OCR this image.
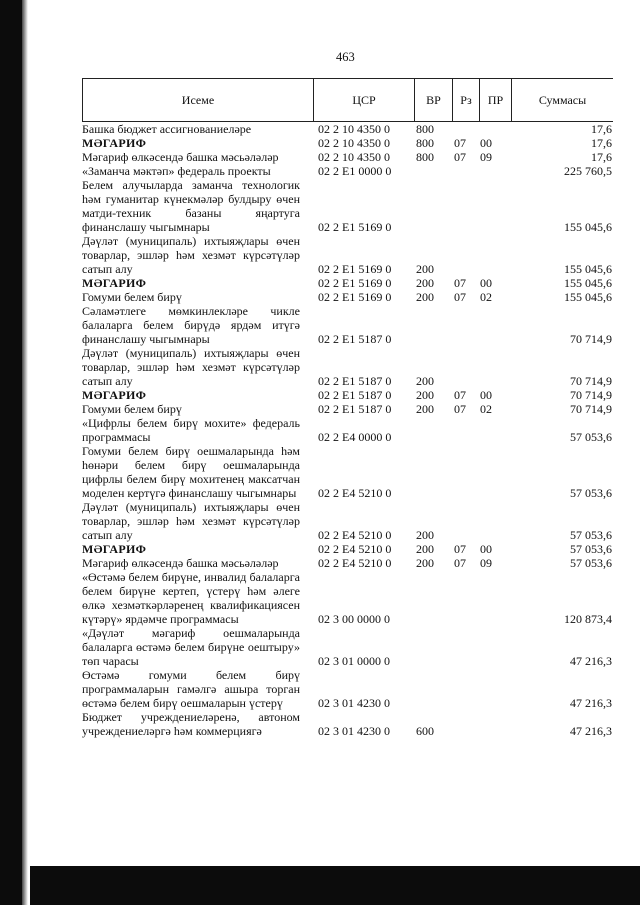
463
Исеме	ЦСР	ВР	Рз	ПР	Суммасы
Башка бюджет ассигнованиеләре	02 2 10 4350 0 800	17,6
МӘГАРИФ	02 2 10 4350 0 800 07 00	17,6
Мәгариф өлкәсендә башка мәсьәләләр	02 2 10 4350 0 800 07 09	17,6
«Заманча мәктәп» федераль проекты	02 2 E1 0000 0	225 760,5
Белем алучыларда заманча технологик һәм гуманитар күнекмәләр булдыру өчен матди-техник базаны яңартуга финанслашу чыгымнары	02 2 E1 5169 0	155 045,6
Дәүләт (муниципаль) ихтыяҗлары өчен товарлар, эшләр һәм хезмәт күрсәтүләр сатып алу	02 2 E1 5169 0 200	155 045,6
МӘГАРИФ	02 2 E1 5169 0 200 07 00	155 045,6
Гомуми белем бирү	02 2 E1 5169 0 200 07 02	155 045,6
Сәламәтлеге мөмкинлекләре чикле балаларга белем бирүдә ярдәм итүгә финанслашу чыгымнары	02 2 E1 5187 0	70 714,9
Дәүләт (муниципаль) ихтыяҗлары өчен товарлар, эшләр һәм хезмәт күрсәтүләр сатып алу	02 2 E1 5187 0 200	70 714,9
МӘГАРИФ	02 2 E1 5187 0 200 07 00	70 714,9
Гомуми белем бирү	02 2 E1 5187 0 200 07 02	70 714,9
«Цифрлы белем бирү мохите» федераль программасы	02 2 E4 0000 0	57 053,6
Гомуми белем бирү оешмаларында һәм һөнәри белем бирү оешмаларында цифрлы белем бирү мохитенең максатчан моделен кертүгә финанслашу чыгымнары	02 2 E4 5210 0	57 053,6
Дәүләт (муниципаль) ихтыяҗлары өчен товарлар, эшләр һәм хезмәт күрсәтүләр сатып алу	02 2 E4 5210 0 200	57 053,6
МӘГАРИФ	02 2 E4 5210 0 200 07 00	57 053,6
Мәгариф өлкәсендә башка мәсьәләләр	02 2 E4 5210 0 200 07 09	57 053,6
«Өстәмә белем бирүне, инвалид балаларга белем бирүне кертеп, үстерү һәм әлеге өлкә хезмәткәрләренең квалификациясен күтәрү» ярдәмче программасы	02 3 00 0000 0	120 873,4
«Дәүләт мәгариф оешмаларында балаларга өстәмә белем бирүне оештыру» төп чарасы	02 3 01 0000 0	47 216,3
Өстәмә гомуми белем бирү программаларын гамәлгә ашыра торган өстәмә белем бирү оешмаларын үстерү	02 3 01 4230 0	47 216,3
Бюджет учреждениеләренә, автоном учреждениеләргә һәм коммерциягә	02 3 01 4230 0 600	47 216,3
